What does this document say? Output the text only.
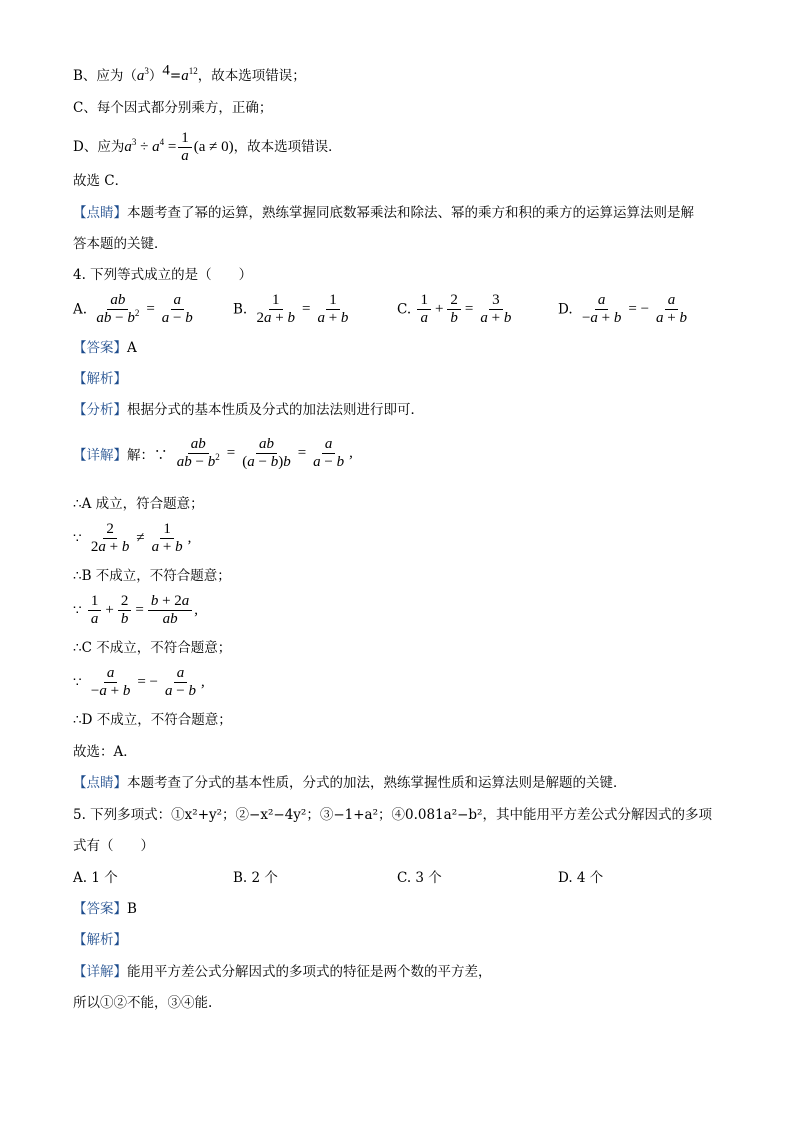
B、应为$(a^3)^4=a^{12}$，故本选项错误；
C、每个因式都分别乘方，正确；
D、应为$a^3 \div a^4 = \frac{1}{a} (a \ne 0)$，故本选项错误．
故选 C．
【点睛】本题考查了幂的运算，熟练掌握同底数幂乘法和除法、幂的乘方和积的乘方的运算运算法则是解
答本题的关键．
4. 下列等式成立的是（　　）
A. $\frac{ab}{ab - b^2} = \frac{a}{a - b}$	B. $\frac{1}{2a + b} = \frac{1}{a + b}$	C. $\frac{1}{a} + \frac{2}{b} = \frac{3}{a + b}$	D. $\frac{a}{-a + b}$ = − $\frac{a}{a + b}$
【答案】A
【解析】
【分析】根据分式的基本性质及分式的加法法则进行即可．
【详解】解：∵ $\frac{ab}{ab - b^2} = \frac{ab}{(a - b)b} = \frac{a}{a - b}$ ,
∴A 成立，符合题意；
∵ $\frac{2}{2a + b} \ne \frac{1}{a + b}$ ,
∴B 不成立，不符合题意；
∵ $\frac{1}{a} + \frac{2}{b} = \frac{b + 2a}{ab}$ ,
∴C 不成立，不符合题意；
∵ $\frac{a}{-a + b}$ = − $\frac{a}{a - b}$ ,
∴D 不成立，不符合题意；
故选：A．
【点睛】本题考查了分式的基本性质，分式的加法，熟练掌握性质和运算法则是解题的关键．
5. 下列多项式：①x²+y²；②−x²−4y²；③−1+a²；④0.081a²−b²，其中能用平方差公式分解因式的多项
式有（　　）
A. 1 个	B. 2 个	C. 3 个	D. 4 个
【答案】B
【解析】
【详解】能用平方差公式分解因式的多项式的特征是两个数的平方差，
所以①②不能，③④能.
